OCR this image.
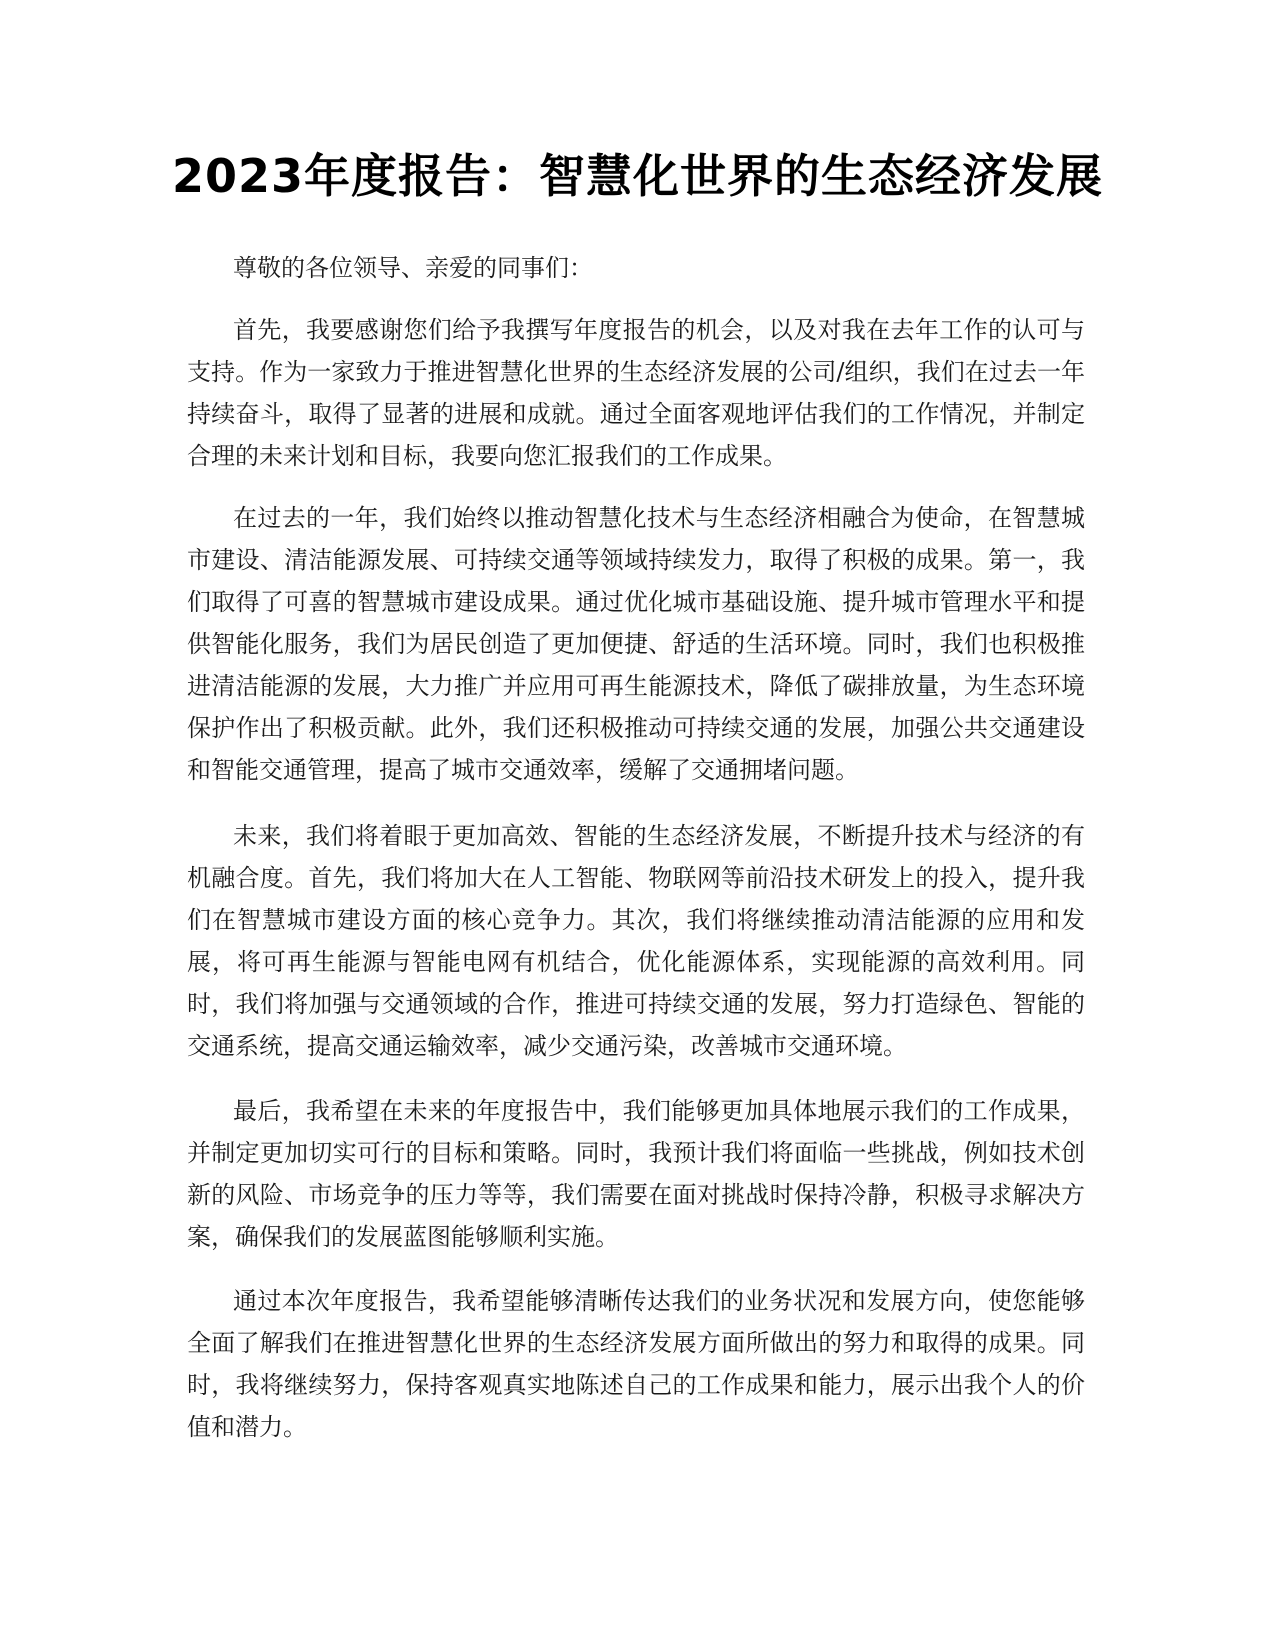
2023年度报告：智慧化世界的生态经济发展

尊敬的各位领导、亲爱的同事们：

首先，我要感谢您们给予我撰写年度报告的机会，以及对我在去年工作的认可与支持。作为一家致力于推进智慧化世界的生态经济发展的公司/组织，我们在过去一年持续奋斗，取得了显著的进展和成就。通过全面客观地评估我们的工作情况，并制定合理的未来计划和目标，我要向您汇报我们的工作成果。

在过去的一年，我们始终以推动智慧化技术与生态经济相融合为使命，在智慧城市建设、清洁能源发展、可持续交通等领域持续发力，取得了积极的成果。第一，我们取得了可喜的智慧城市建设成果。通过优化城市基础设施、提升城市管理水平和提供智能化服务，我们为居民创造了更加便捷、舒适的生活环境。同时，我们也积极推进清洁能源的发展，大力推广并应用可再生能源技术，降低了碳排放量，为生态环境保护作出了积极贡献。此外，我们还积极推动可持续交通的发展，加强公共交通建设和智能交通管理，提高了城市交通效率，缓解了交通拥堵问题。

未来，我们将着眼于更加高效、智能的生态经济发展，不断提升技术与经济的有机融合度。首先，我们将加大在人工智能、物联网等前沿技术研发上的投入，提升我们在智慧城市建设方面的核心竞争力。其次，我们将继续推动清洁能源的应用和发展，将可再生能源与智能电网有机结合，优化能源体系，实现能源的高效利用。同时，我们将加强与交通领域的合作，推进可持续交通的发展，努力打造绿色、智能的交通系统，提高交通运输效率，减少交通污染，改善城市交通环境。

最后，我希望在未来的年度报告中，我们能够更加具体地展示我们的工作成果，并制定更加切实可行的目标和策略。同时，我预计我们将面临一些挑战，例如技术创新的风险、市场竞争的压力等等，我们需要在面对挑战时保持冷静，积极寻求解决方案，确保我们的发展蓝图能够顺利实施。

通过本次年度报告，我希望能够清晰传达我们的业务状况和发展方向，使您能够全面了解我们在推进智慧化世界的生态经济发展方面所做出的努力和取得的成果。同时，我将继续努力，保持客观真实地陈述自己的工作成果和能力，展示出我个人的价值和潜力。
